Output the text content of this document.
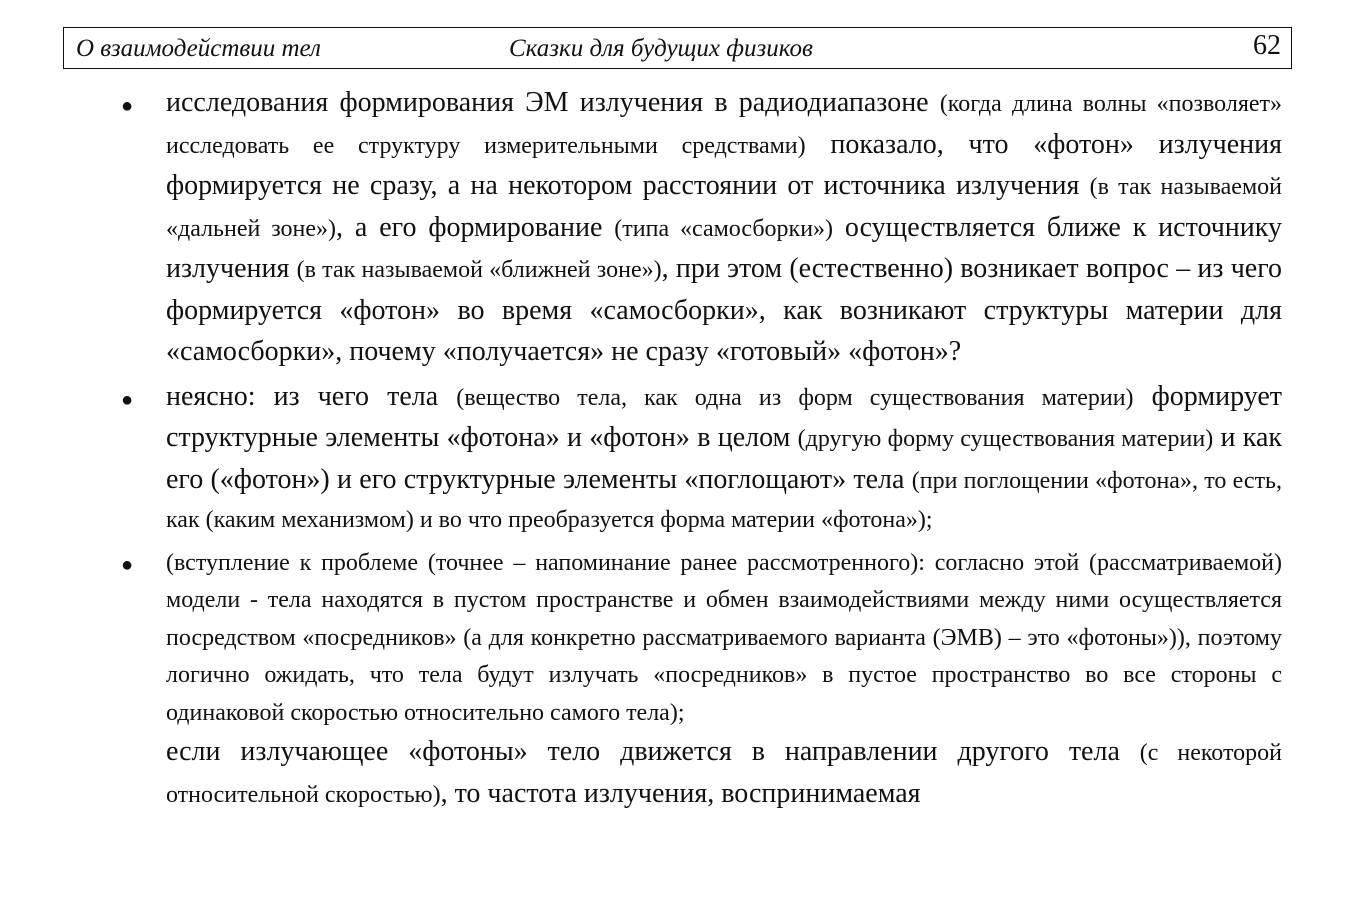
О взаимодействии тел	Сказки для будущих физиков	62
● исследования формирования ЭМ излучения в радиодиапазоне (когда длина волны «позволяет» исследовать ее структуру измерительными средствами) показало, что «фотон» излучения формируется не сразу, а на некотором расстоянии от источника излучения (в так называемой «дальней зоне»), а его формирование (типа «самосборки») осуществляется ближе к источнику излучения (в так называемой «ближней зоне»), при этом (естественно) возникает вопрос – из чего формируется «фотон» во время «самосборки», как возникают структуры материи для «самосборки», почему «получается» не сразу «готовый» «фотон»?
● неясно: из чего тела (вещество тела, как одна из форм существования материи) формирует структурные элементы «фотона» и «фотон» в целом (другую форму существования материи) и как его («фотон») и его структурные элементы «поглощают» тела (при поглощении «фотона», то есть, как (каким механизмом) и во что преобразуется форма материи «фотона»);
● (вступление к проблеме (точнее – напоминание ранее рассмотренного): согласно этой (рассматриваемой) модели - тела находятся в пустом пространстве и обмен взаимодействиями между ними осуществляется посредством «посредников» (а для конкретно рассматриваемого варианта (ЭМВ) – это «фотоны»)), поэтому логично ожидать, что тела будут излучать «посредников» в пустое пространство во все стороны с одинаковой скоростью относительно самого тела);
если излучающее «фотоны» тело движется в направлении другого тела (с некоторой относительной скоростью), то частота излучения, воспринимаемая
